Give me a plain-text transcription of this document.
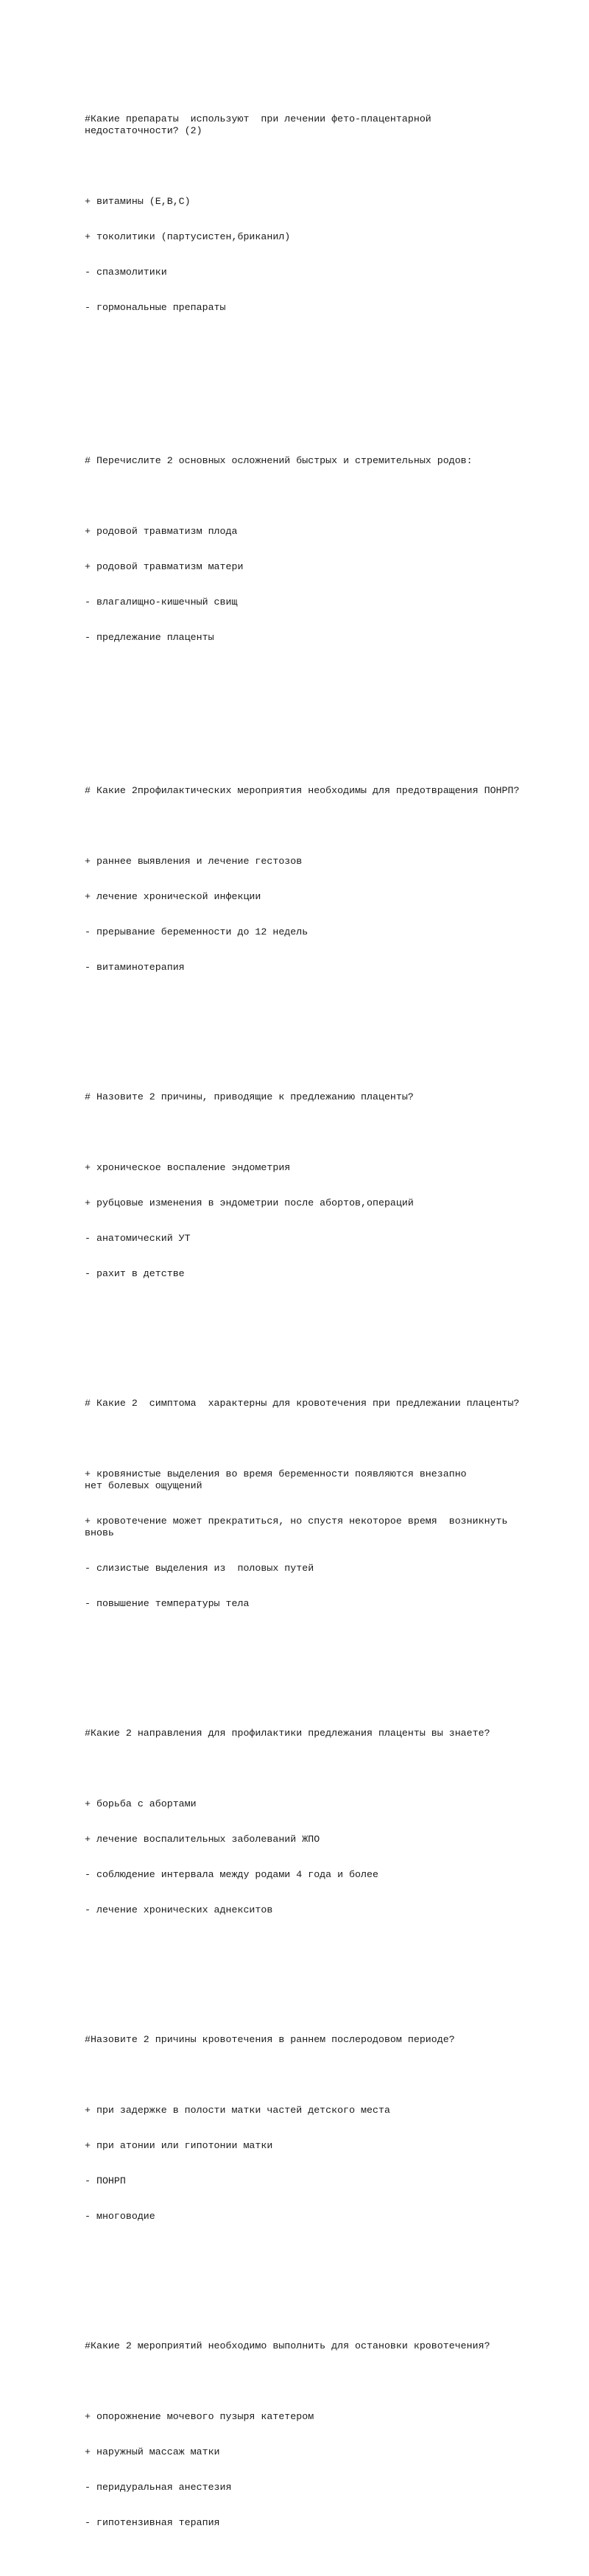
#Какие препараты  используют  при лечении фето-плацентарной
недостаточности? (2)

+ витамины (Е,В,С)

+ токолитики (партусистен,бриканил)

- спазмолитики

- гормональные препараты

# Перечислите 2 основных осложнений быстрых и стремительных родов:

+ родовой травматизм плода

+ родовой травматизм матери

- влагалищно-кишечный свищ

- предлежание плаценты

# Какие 2профилактических мероприятия необходимы для предотвращения ПОНРП?

+ раннее выявления и лечение гестозов

+ лечение хронической инфекции

- прерывание беременности до 12 недель

- витаминотерапия

# Назовите 2 причины, приводящие к предлежанию плаценты?

+ хроническое воспаление эндометрия

+ рубцовые изменения в эндометрии после абортов,операций

- анатомический УТ

- рахит в детстве

# Какие 2  симптома  характерны для кровотечения при предлежании плаценты?

+ кровянистые выделения во время беременности появляются внезапно
нет болевых ощущений

+ кровотечение может прекратиться, но спустя некоторое время  возникнуть
вновь

- слизистые выделения из  половых путей

- повышение температуры тела

#Какие 2 направления для профилактики предлежания плаценты вы знаете?

+ борьба с абортами

+ лечение воспалительных заболеваний ЖПО

- соблюдение интервала между родами 4 года и более

- лечение хронических аднекситов

#Назовите 2 причины кровотечения в раннем послеродовом периоде?

+ при задержке в полости матки частей детского места

+ при атонии или гипотонии матки

- ПОНРП

- многоводие

#Какие 2 мероприятий необходимо выполнить для остановки кровотечения?

+ опорожнение мочевого пузыря катетером

+ наружный массаж матки

- перидуральная анестезия

- гипотензивная терапия
